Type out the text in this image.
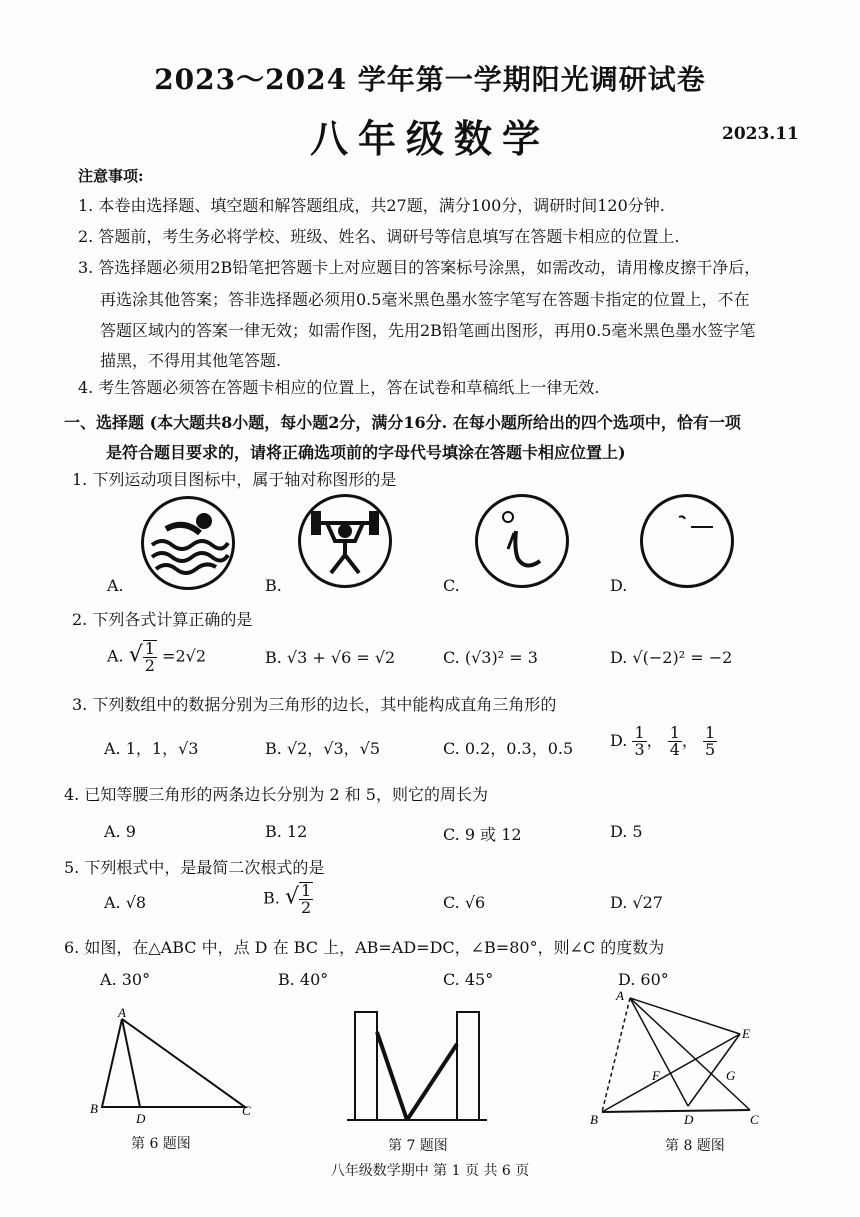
2023～2024 学年第一学期阳光调研试卷
八年级数学	2023.11
注意事项:
1. 本卷由选择题、填空题和解答题组成，共27题，满分100分，调研时间120分钟.
2. 答题前，考生务必将学校、班级、姓名、调研号等信息填写在答题卡相应的位置上.
3. 答选择题必须用2B铅笔把答题卡上对应题目的答案标号涂黑，如需改动，请用橡皮擦干净后，
再选涂其他答案；答非选择题必须用0.5毫米黑色墨水签字笔写在答题卡指定的位置上，不在
答题区域内的答案一律无效；如需作图，先用2B铅笔画出图形，再用0.5毫米黑色墨水签字笔
描黑，不得用其他笔答题.
4. 考生答题必须答在答题卡相应的位置上，答在试卷和草稿纸上一律无效.
一、选择题 (本大题共8小题，每小题2分，满分16分. 在每小题所给出的四个选项中，恰有一项
是符合题目要求的，请将正确选项前的字母代号填涂在答题卡相应位置上)
1. 下列运动项目图标中，属于轴对称图形的是
A.	B.	C.	D.
2. 下列各式计算正确的是
A. √ $\frac{1}{2} =2√2$	B. √3 + √6 = √2	C. (√3)² = 3	D. √(−2)² = −2
3. 下列数组中的数据分别为三角形的边长，其中能构成直角三角形的
A. 1，1，√3	B. √2，√3，√5	C. 0.2，0.3，0.5 D. $\frac{1}{3}$ ， $\frac{1}{4}$ ， $\frac{1}{5}$
4. 已知等腰三角形的两条边长分别为 2 和 5，则它的周长为
A. 9	B. 12	C. 9 或 12	D. 5
5. 下列根式中，是最简二次根式的是
A. √8	B. √ $\frac{1}{2}$	C. √6	D. √27
6. 如图，在△ABC 中，点 D 在 BC 上，AB=AD=DC，∠B=80°，则∠C 的度数为
A. 30°	B. 40°	C. 45°	D. 60°
A
B
D
C
第 6 题图	第 7 题图
A
E
F	G
B	D	C
第 8 题图
八年级数学期中 第 1 页 共 6 页
